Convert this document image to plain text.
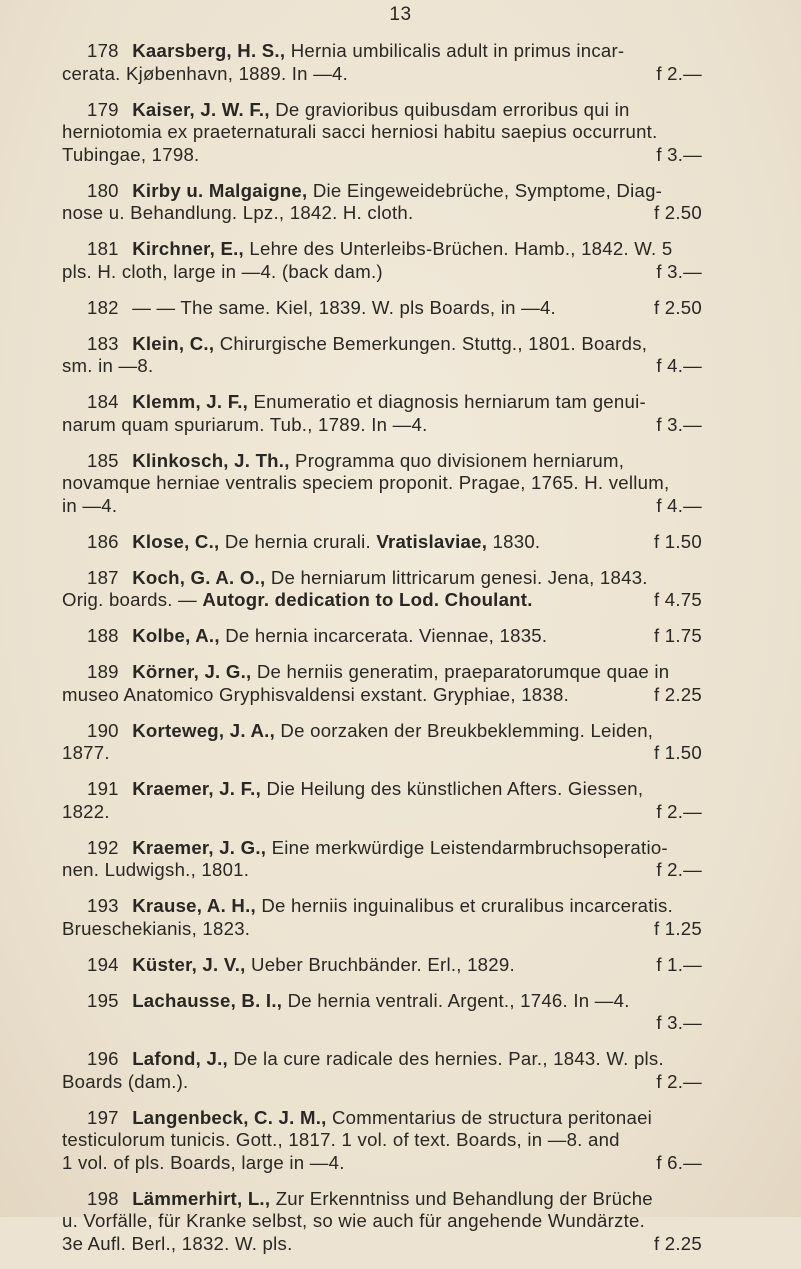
13
178 Kaarsberg, H. S., Hernia umbilicalis adult in primus incar-
cerata. Kjøbenhavn, 1889. In —4.	f 2.—
179 Kaiser, J. W. F., De gravioribus quibusdam erroribus qui in
herniotomia ex praeternaturali sacci herniosi habitu saepius occurrunt.
Tubingae, 1798.	f 3.—
180 Kirby u. Malgaigne, Die Eingeweidebrüche, Symptome, Diag-
nose u. Behandlung. Lpz., 1842. H. cloth.	f 2.50
181 Kirchner, E., Lehre des Unterleibs-Brüchen. Hamb., 1842. W. 5
pls. H. cloth, large in —4. (back dam.)	f 3.—
182 — — The same. Kiel, 1839. W. pls Boards, in —4.	f 2.50
183 Klein, C., Chirurgische Bemerkungen. Stuttg., 1801. Boards,
sm. in —8.	f 4.—
184 Klemm, J. F., Enumeratio et diagnosis herniarum tam genui-
narum quam spuriarum. Tub., 1789. In —4.	f 3.—
185 Klinkosch, J. Th., Programma quo divisionem herniarum,
novamque herniae ventralis speciem proponit. Pragae, 1765. H. vellum,
in —4.	f 4.—
186 Klose, C., De hernia crurali. Vratislaviae, 1830.	f 1.50
187 Koch, G. A. O., De herniarum littricarum genesi. Jena, 1843.
Orig. boards. — Autogr. dedication to Lod. Choulant.	f 4.75
188 Kolbe, A., De hernia incarcerata. Viennae, 1835.	f 1.75
189 Körner, J. G., De herniis generatim, praeparatorumque quae in
museo Anatomico Gryphisvaldensi exstant. Gryphiae, 1838.	f 2.25
190 Korteweg, J. A., De oorzaken der Breukbeklemming. Leiden,
1877.	f 1.50
191 Kraemer, J. F., Die Heilung des künstlichen Afters. Giessen,
1822.	f 2.—
192 Kraemer, J. G., Eine merkwürdige Leistendarmbruchsoperatio-
nen. Ludwigsh., 1801.	f 2.—
193 Krause, A. H., De herniis inguinalibus et cruralibus incarceratis.
Brueschekianis, 1823.	f 1.25
194 Küster, J. V., Ueber Bruchbänder. Erl., 1829.	f 1.—
195 Lachausse, B. I., De hernia ventrali. Argent., 1746. In —4.
f 3.—
196 Lafond, J., De la cure radicale des hernies. Par., 1843. W. pls.
Boards (dam.).	f 2.—
197 Langenbeck, C. J. M., Commentarius de structura peritonaei
testiculorum tunicis. Gott., 1817. 1 vol. of text. Boards, in —8. and
1 vol. of pls. Boards, large in —4.	f 6.—
198 Lämmerhirt, L., Zur Erkenntniss und Behandlung der Brüche
u. Vorfälle, für Kranke selbst, so wie auch für angehende Wundärzte.
3e Aufl. Berl., 1832. W. pls.	f 2.25
